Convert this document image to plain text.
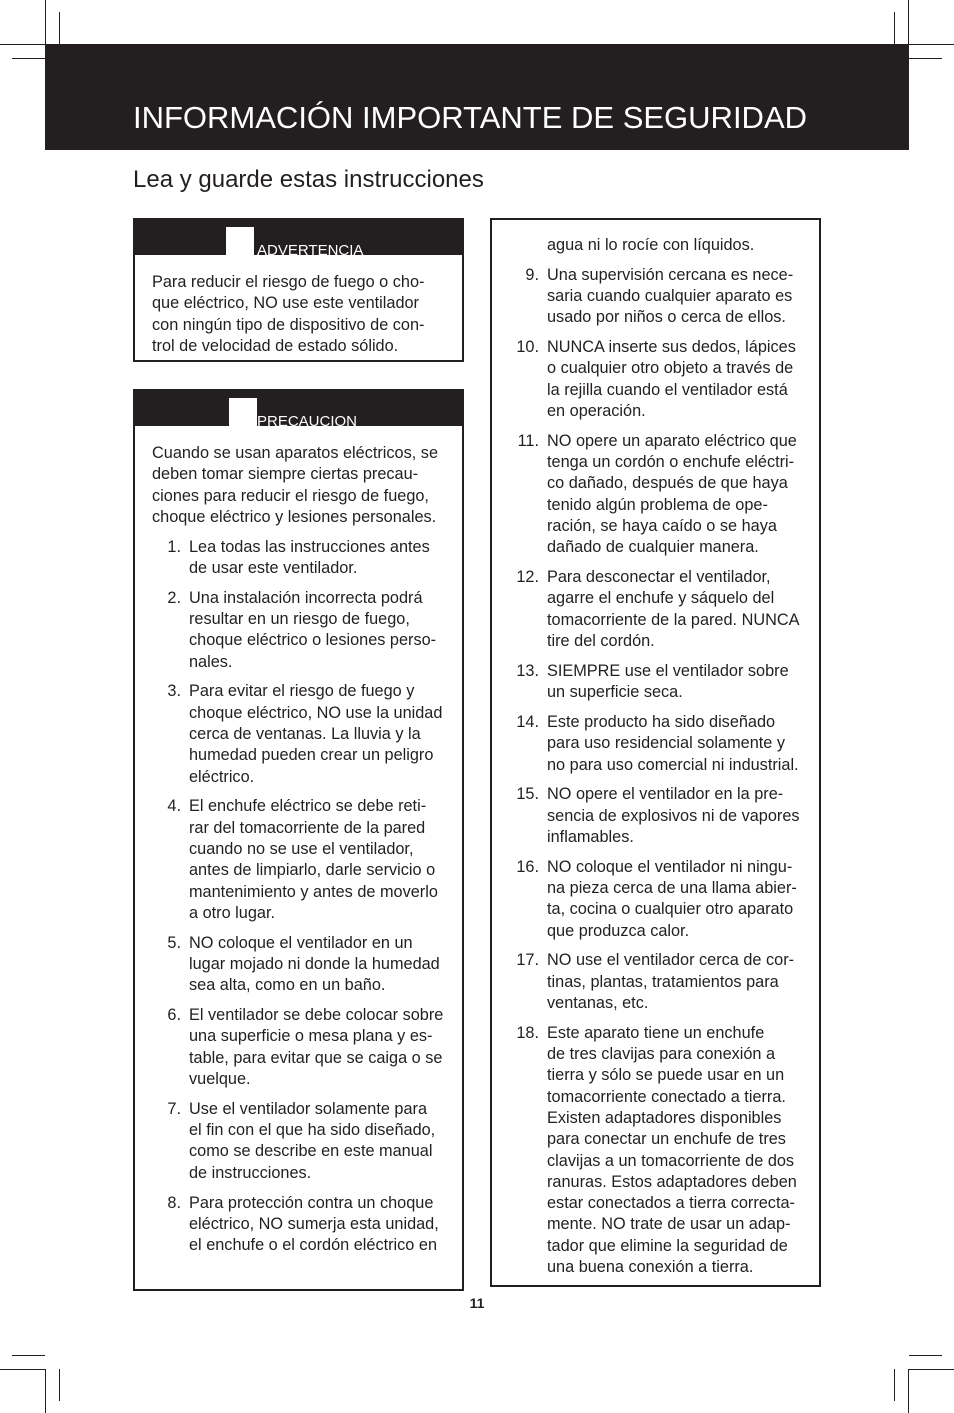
INFORMACIÓN IMPORTANTE DE SEGURIDAD
Lea y guarde estas instrucciones
ADVERTENCIA

Para reducir el riesgo de fuego o cho-

que eléctrico, NO use este ventilador

con ningún tipo de dispositivo de con-

trol de velocidad de estado sólido.

PRECAUCION

Cuando se usan aparatos eléctricos, se

deben tomar siempre ciertas precau-

ciones para reducir el riesgo de fuego,

choque eléctrico y lesiones personales.

1. Lea todas las instrucciones antes

de usar este ventilador.

2. Una instalación incorrecta podrá

resultar en un riesgo de fuego,

choque eléctrico o lesiones perso-

nales.

3. Para evitar el riesgo de fuego y

choque eléctrico, NO use la unidad

cerca de ventanas. La lluvia y la

humedad pueden crear un peligro

eléctrico.

4. El enchufe eléctrico se debe reti-

rar del tomacorriente de la pared

cuando no se use el ventilador,

antes de limpiarlo, darle servicio o

mantenimiento y antes de moverlo

a otro lugar.

5. NO coloque el ventilador en un

lugar mojado ni donde la humedad

sea alta, como en un baño.

6. El ventilador se debe colocar sobre

una superficie o mesa plana y es-

table, para evitar que se caiga o se

vuelque.

7. Use el ventilador solamente para

el fin con el que ha sido diseñado,

como se describe en este manual

de instrucciones.

8. Para protección contra un choque

eléctrico, NO sumerja esta unidad,

el enchufe o el cordón eléctrico en

agua ni lo rocíe con líquidos.

9. Una supervisión cercana es nece-

saria cuando cualquier aparato es

usado por niños o cerca de ellos.

10. NUNCA inserte sus dedos, lápices

o cualquier otro objeto a través de

la rejilla cuando el ventilador está

en operación.

11. NO opere un aparato eléctrico que

tenga un cordón o enchufe eléctri-

co dañado, después de que haya

tenido algún problema de ope-

ración, se haya caído o se haya

dañado de cualquier manera.

12. Para desconectar el ventilador,

agarre el enchufe y sáquelo del

tomacorriente de la pared. NUNCA

tire del cordón.

13. SIEMPRE use el ventilador sobre

un superficie seca.

14. Este producto ha sido diseñado

para uso residencial solamente y

no para uso comercial ni industrial.

15. NO opere el ventilador en la pre-

sencia de explosivos ni de vapores

inflamables.

16. NO coloque el ventilador ni ningu-

na pieza cerca de una llama abier-

ta, cocina o cualquier otro aparato

que produzca calor.

17. NO use el ventilador cerca de cor-

tinas, plantas, tratamientos para

ventanas, etc.

18. Este aparato tiene un enchufe

de tres clavijas para conexión a

tierra y sólo se puede usar en un

tomacorriente conectado a tierra.

Existen adaptadores disponibles

para conectar un enchufe de tres

clavijas a un tomacorriente de dos

ranuras. Estos adaptadores deben

estar conectados a tierra correcta-

mente. NO trate de usar un adap-

tador que elimine la seguridad de

una buena conexión a tierra.

11
